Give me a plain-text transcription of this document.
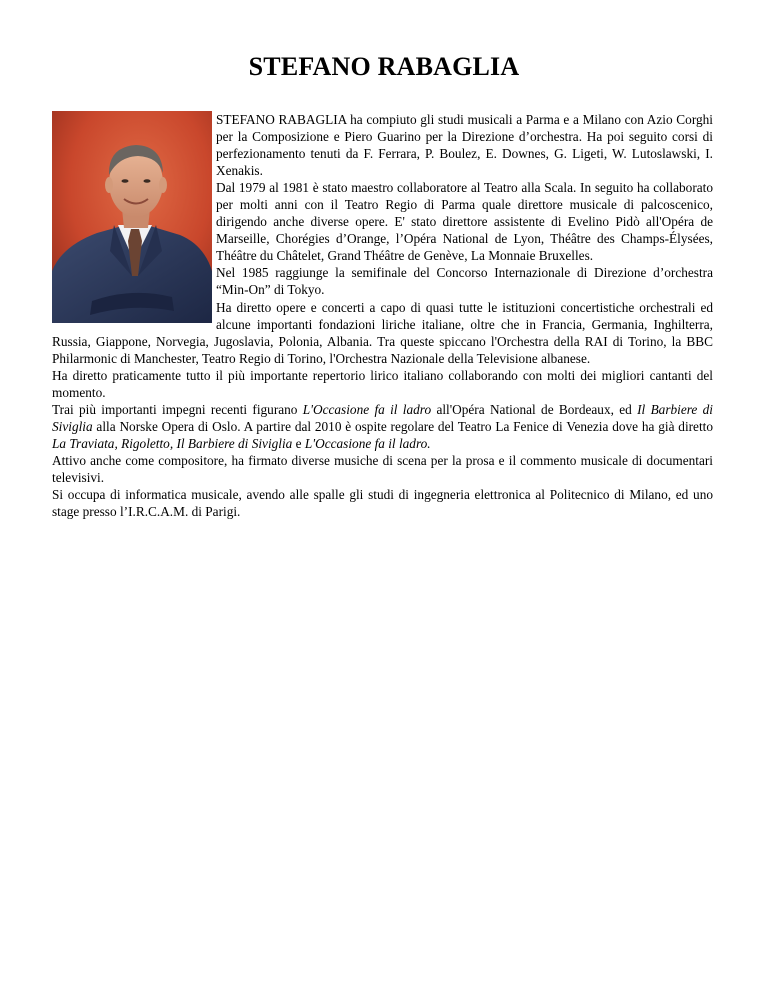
STEFANO RABAGLIA

STEFANO RABAGLIA ha compiuto gli studi musicali a Parma e a Milano con Azio Corghi per la Composizione e Piero Guarino per la Direzione d’orchestra. Ha poi seguito corsi di perfezionamento tenuti da F. Ferrara, P. Boulez, E. Downes, G. Ligeti, W. Lutoslawski, I. Xenakis.

Dal 1979 al 1981 è stato maestro collaboratore al Teatro alla Scala. In seguito ha collaborato per molti anni con il Teatro Regio di Parma quale direttore musicale di palcoscenico, dirigendo anche diverse opere. E' stato direttore assistente di Evelino Pidò all'Opéra de Marseille, Chorégies d’Orange, l’Opéra National de Lyon, Théâtre des Champs-Élysées, Théâtre du Châtelet, Grand Théâtre de Genève, La Monnaie Bruxelles.

Nel 1985 raggiunge la semifinale del Concorso Internazionale di Direzione d’orchestra “Min-On” di Tokyo.

Ha diretto opere e concerti a capo di quasi tutte le istituzioni concertistiche orchestrali ed alcune importanti fondazioni liriche italiane, oltre che in Francia, Germania, Inghilterra, Russia, Giappone, Norvegia, Jugoslavia, Polonia, Albania. Tra queste spiccano l'Orchestra della RAI di Torino, la BBC Philarmonic di Manchester, Teatro Regio di Torino, l'Orchestra Nazionale della Televisione albanese.

Ha diretto praticamente tutto il più importante repertorio lirico italiano collaborando con molti dei migliori cantanti del momento.

Trai più importanti impegni recenti figurano L'Occasione fa il ladro all'Opéra National de Bordeaux, ed Il Barbiere di Siviglia alla Norske Opera di Oslo. A partire dal 2010 è ospite regolare del Teatro La Fenice di Venezia dove ha già diretto La Traviata, Rigoletto, Il Barbiere di Siviglia e L'Occasione fa il ladro.

Attivo anche come compositore, ha firmato diverse musiche di scena per la prosa e il commento musicale di documentari televisivi.

Si occupa di informatica musicale, avendo alle spalle gli studi di ingegneria elettronica al Politecnico di Milano, ed uno stage presso l’I.R.C.A.M. di Parigi.
